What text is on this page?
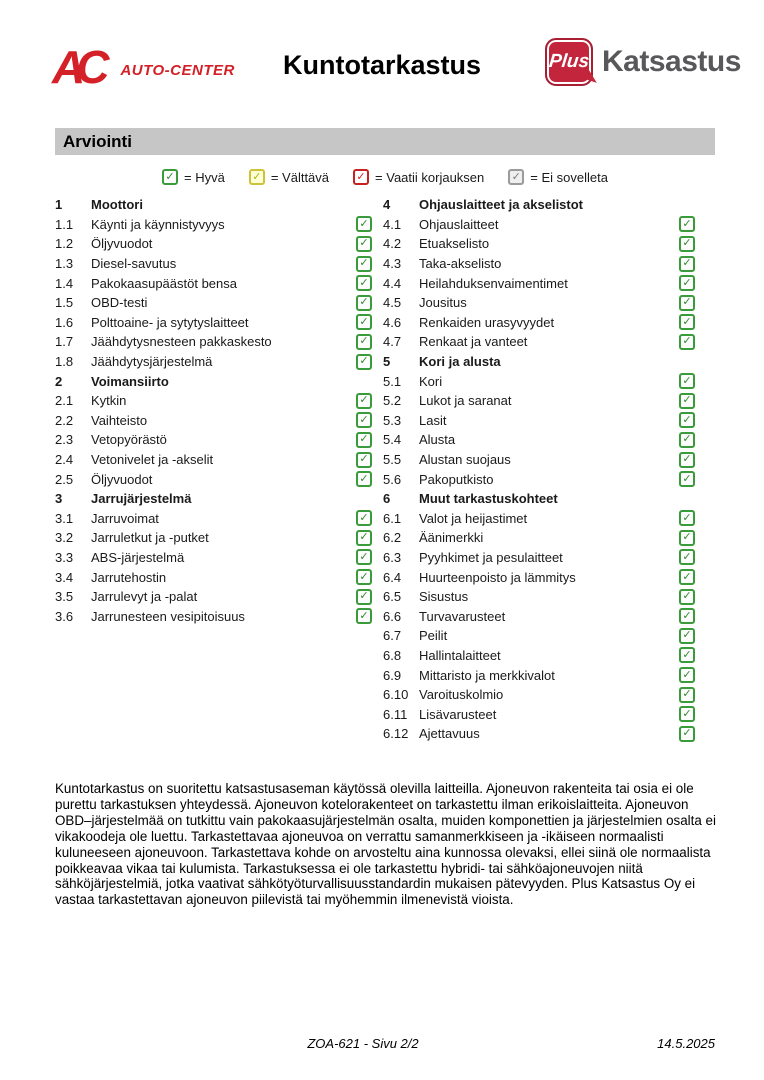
AC	AUTO-CENTER	Kuntotarkastus	Plus Katsastus
Arviointi
✓ = Hyvä	✓ = Välttävä	✓ = Vaatii korjauksen	✓ = Ei sovelleta
1	Moottori
1.1	Käynti ja käynnistyvyys	✓
1.2	Öljyvuodot	✓
1.3	Diesel-savutus	✓
1.4	Pakokaasupäästöt bensa	✓
1.5	OBD-testi	✓
1.6	Polttoaine- ja sytytyslaitteet	✓
1.7	Jäähdytysnesteen pakkaskesto	✓
1.8	Jäähdytysjärjestelmä	✓
2	Voimansiirto
2.1	Kytkin	✓
2.2	Vaihteisto	✓
2.3	Vetopyörästö	✓
2.4	Vetonivelet ja -akselit	✓
2.5	Öljyvuodot	✓
3	Jarrujärjestelmä
3.1	Jarruvoimat	✓
3.2	Jarruletkut ja -putket	✓
3.3	ABS-järjestelmä	✓
3.4	Jarrutehostin	✓
3.5	Jarrulevyt ja -palat	✓
3.6	Jarrunesteen vesipitoisuus	✓
4	Ohjauslaitteet ja akselistot
4.1	Ohjauslaitteet	✓
4.2	Etuakselisto	✓
4.3	Taka-akselisto	✓
4.4	Heilahduksenvaimentimet	✓
4.5	Jousitus	✓
4.6	Renkaiden urasyvyydet	✓
4.7	Renkaat ja vanteet	✓
5	Kori ja alusta
5.1	Kori	✓
5.2	Lukot ja saranat	✓
5.3	Lasit	✓
5.4	Alusta	✓
5.5	Alustan suojaus	✓
5.6	Pakoputkisto	✓
6	Muut tarkastuskohteet
6.1	Valot ja heijastimet	✓
6.2	Äänimerkki	✓
6.3	Pyyhkimet ja pesulaitteet	✓
6.4	Huurteenpoisto ja lämmitys	✓
6.5	Sisustus	✓
6.6	Turvavarusteet	✓
6.7	Peilit	✓
6.8	Hallintalaitteet	✓
6.9	Mittaristo ja merkkivalot	✓
6.10 Varoituskolmio	✓
6.11 Lisävarusteet	✓
6.12 Ajettavuus	✓
Kuntotarkastus on suoritettu katsastusaseman käytössä olevilla laitteilla. Ajoneuvon rakenteita tai osia ei ole purettu tarkastuksen yhteydessä. Ajoneuvon kotelorakenteet on tarkastettu ilman erikoislaitteita. Ajoneuvon OBD–järjestelmää on tutkittu vain pakokaasujärjestelmän osalta, muiden komponettien ja järjestelmien osalta ei vikakoodeja ole luettu. Tarkastettavaa ajoneuvoa on verrattu samanmerkkiseen ja -ikäiseen normaalisti kuluneeseen ajoneuvoon. Tarkastettava kohde on arvosteltu aina kunnossa olevaksi, ellei siinä ole normaalista poikkeavaa vikaa tai kulumista. Tarkastuksessa ei ole tarkastettu hybridi- tai sähköajoneuvojen niitä sähköjärjestelmiä, jotka vaativat sähkötyöturvallisuusstandardin mukaisen pätevyyden. Plus Katsastus Oy ei vastaa tarkastettavan ajoneuvon piilevistä tai myöhemmin ilmenevistä vioista.
ZOA-621 - Sivu 2/2	14.5.2025
